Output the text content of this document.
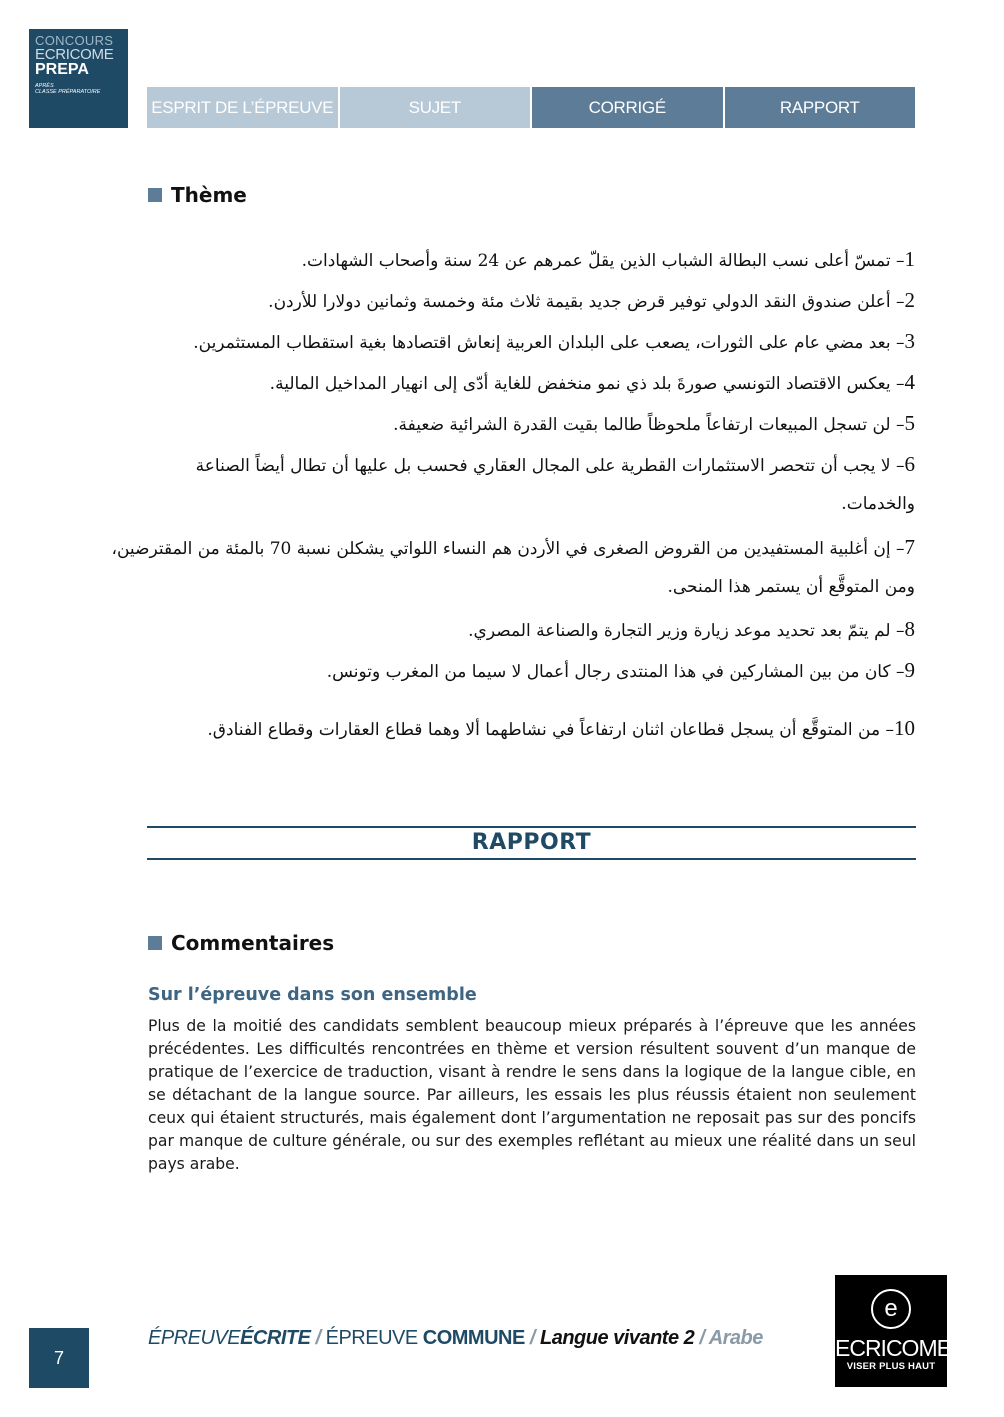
CONCOURS
ECRICOME
PREPA
APRÈS
CLASSE PRÉPARATOIRE
ESPRIT DE L’ÉPREUVE	SUJET	CORRIGÉ	RAPPORT
Thème
1– تمسّ أعلى نسب البطالة الشباب الذين يقلّ عمرهم عن 24 سنة وأصحاب الشهادات.
2– أعلن صندوق النقد الدولي توفير قرض جديد بقيمة ثلاث مئة وخمسة وثمانين دولارا للأردن.
3– بعد مضي عام على الثورات، يصعب على البلدان العربية إنعاش اقتصادها بغية استقطاب المستثمرين.
4– يعكس الاقتصاد التونسي صورةَ بلد ذي نمو منخفض للغاية أدّى إلى انهيار المداخيل المالية.
5– لن تسجل المبيعات ارتفاعاً ملحوظاً طالما بقيت القدرة الشرائية ضعيفة.
6– لا يجب أن تتحصر الاستثمارات القطرية على المجال العقاري فحسب بل عليها أن تطال أيضاً الصناعة
والخدمات.
7– إن أغلبية المستفيدين من القروض الصغرى في الأردن هم النساء اللواتي يشكلن نسبة 70 بالمئة من المقترضين،
ومن المتوقَّع أن يستمر هذا المنحى.
8– لم يتمّ بعد تحديد موعد زيارة وزير التجارة والصناعة المصري.
9– كان من بين المشاركين في هذا المنتدى رجال أعمال لا سيما من المغرب وتونس.
10– من المتوقَّع أن يسجل قطاعان اثنان ارتفاعاً في نشاطهما ألا وهما قطاع العقارات وقطاع الفنادق.
RAPPORT
Commentaires
Sur l’épreuve dans son ensemble
Plus de la moitié des candidats semblent beaucoup mieux préparés à l’épreuve que les années précédentes. Les difficultés rencontrées en thème et version résultent souvent d’un manque de pratique de l’exercice de traduction, visant à rendre le sens dans la logique de la langue cible, en se détachant de la langue source. Par ailleurs, les essais les plus réussis étaient non seulement ceux qui étaient structurés, mais également dont l’argumentation ne reposait pas sur des poncifs par manque de culture générale, ou sur des exemples reflétant au mieux une réalité dans un seul pays arabe.
7
ÉPREUVEÉCRITE / ÉPREUVE COMMUNE / Langue vivante 2 / Arabe
e
ECRICOME
VISER PLUS HAUT
